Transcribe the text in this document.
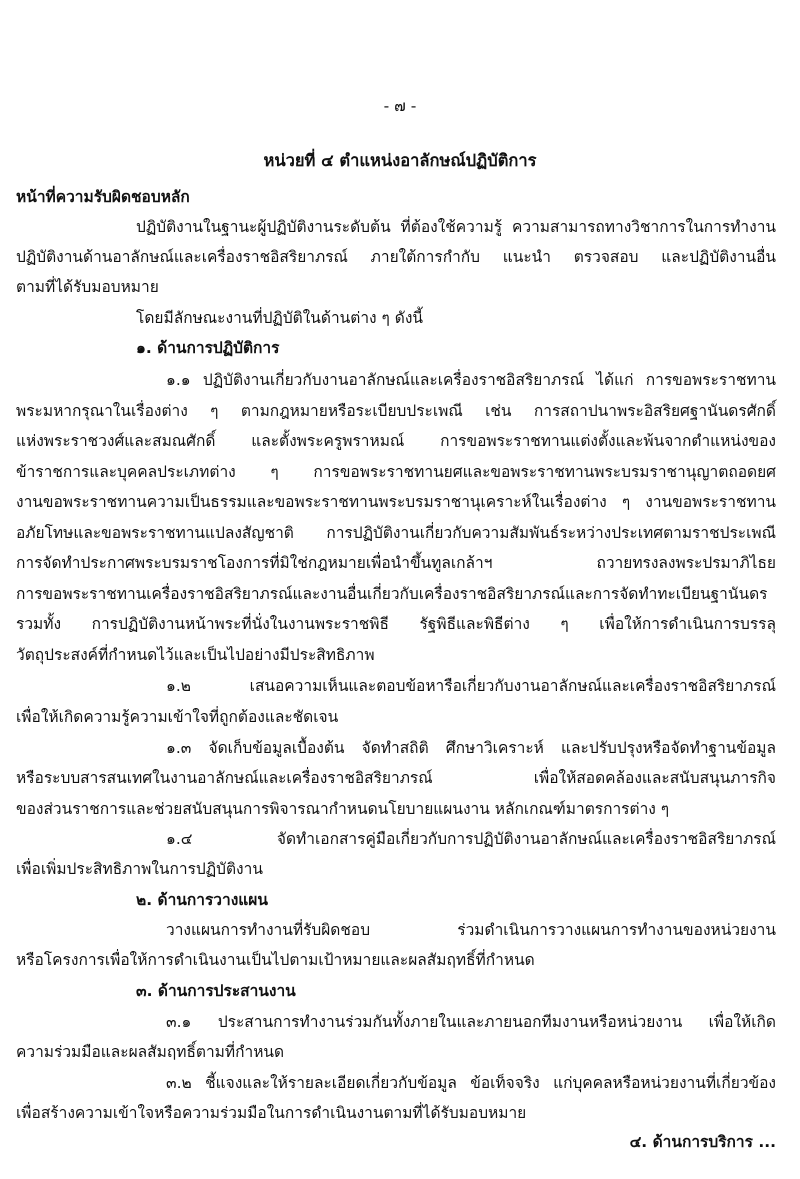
- ๗ -
หน่วยที่ ๔ ตำแหน่งอาลักษณ์ปฏิบัติการ
หน้าที่ความรับผิดชอบหลัก
ปฏิบัติงานในฐานะผู้ปฏิบัติงานระดับต้น ที่ต้องใช้ความรู้ ความสามารถทางวิชาการในการทำงาน
ปฏิบัติงานด้านอาลักษณ์และเครื่องราชอิสริยาภรณ์ ภายใต้การกำกับ แนะนำ ตรวจสอบ และปฏิบัติงานอื่น
ตามที่ได้รับมอบหมาย
โดยมีลักษณะงานที่ปฏิบัติในด้านต่าง ๆ ดังนี้
๑. ด้านการปฏิบัติการ
๑.๑ ปฏิบัติงานเกี่ยวกับงานอาลักษณ์และเครื่องราชอิสริยาภรณ์ ได้แก่ การขอพระราชทาน
พระมหากรุณาในเรื่องต่าง ๆ ตามกฎหมายหรือระเบียบประเพณี เช่น การสถาปนาพระอิสริยศฐานันดรศักดิ์
แห่งพระราชวงศ์และสมณศักดิ์ และตั้งพระครูพราหมณ์ การขอพระราชทานแต่งตั้งและพ้นจากตำแหน่งของ
ข้าราชการและบุคคลประเภทต่าง ๆ การขอพระราชทานยศและขอพระราชทานพระบรมราชานุญาตถอดยศ
งานขอพระราชทานความเป็นธรรมและขอพระราชทานพระบรมราชานุเคราะห์ในเรื่องต่าง ๆ งานขอพระราชทาน
อภัยโทษและขอพระราชทานแปลงสัญชาติ การปฏิบัติงานเกี่ยวกับความสัมพันธ์ระหว่างประเทศตามราชประเพณี
การจัดทำประกาศพระบรมราชโองการที่มิใช่กฎหมายเพื่อนำขึ้นทูลเกล้าฯ ถวายทรงลงพระปรมาภิไธย
การขอพระราชทานเครื่องราชอิสริยาภรณ์และงานอื่นเกี่ยวกับเครื่องราชอิสริยาภรณ์และการจัดทำทะเบียนฐานันดร
รวมทั้ง การปฏิบัติงานหน้าพระที่นั่งในงานพระราชพิธี รัฐพิธีและพิธีต่าง ๆ เพื่อให้การดำเนินการบรรลุ
วัตถุประสงค์ที่กำหนดไว้และเป็นไปอย่างมีประสิทธิภาพ
๑.๒ เสนอความเห็นและตอบข้อหารือเกี่ยวกับงานอาลักษณ์และเครื่องราชอิสริยาภรณ์
เพื่อให้เกิดความรู้ความเข้าใจที่ถูกต้องและชัดเจน
๑.๓ จัดเก็บข้อมูลเบื้องต้น จัดทำสถิติ ศึกษาวิเคราะห์ และปรับปรุงหรือจัดทำฐานข้อมูล
หรือระบบสารสนเทศในงานอาลักษณ์และเครื่องราชอิสริยาภรณ์ เพื่อให้สอดคล้องและสนับสนุนภารกิจ
ของส่วนราชการและช่วยสนับสนุนการพิจารณากำหนดนโยบายแผนงาน หลักเกณฑ์มาตรการต่าง ๆ
๑.๔ จัดทำเอกสารคู่มือเกี่ยวกับการปฏิบัติงานอาลักษณ์และเครื่องราชอิสริยาภรณ์
เพื่อเพิ่มประสิทธิภาพในการปฏิบัติงาน
๒. ด้านการวางแผน
วางแผนการทำงานที่รับผิดชอบ ร่วมดำเนินการวางแผนการทำงานของหน่วยงาน
หรือโครงการเพื่อให้การดำเนินงานเป็นไปตามเป้าหมายและผลสัมฤทธิ์ที่กำหนด
๓. ด้านการประสานงาน
๓.๑ ประสานการทำงานร่วมกันทั้งภายในและภายนอกทีมงานหรือหน่วยงาน เพื่อให้เกิด
ความร่วมมือและผลสัมฤทธิ์ตามที่กำหนด
๓.๒ ชี้แจงและให้รายละเอียดเกี่ยวกับข้อมูล ข้อเท็จจริง แก่บุคคลหรือหน่วยงานที่เกี่ยวข้อง
เพื่อสร้างความเข้าใจหรือความร่วมมือในการดำเนินงานตามที่ได้รับมอบหมาย
๔. ด้านการบริการ ...
